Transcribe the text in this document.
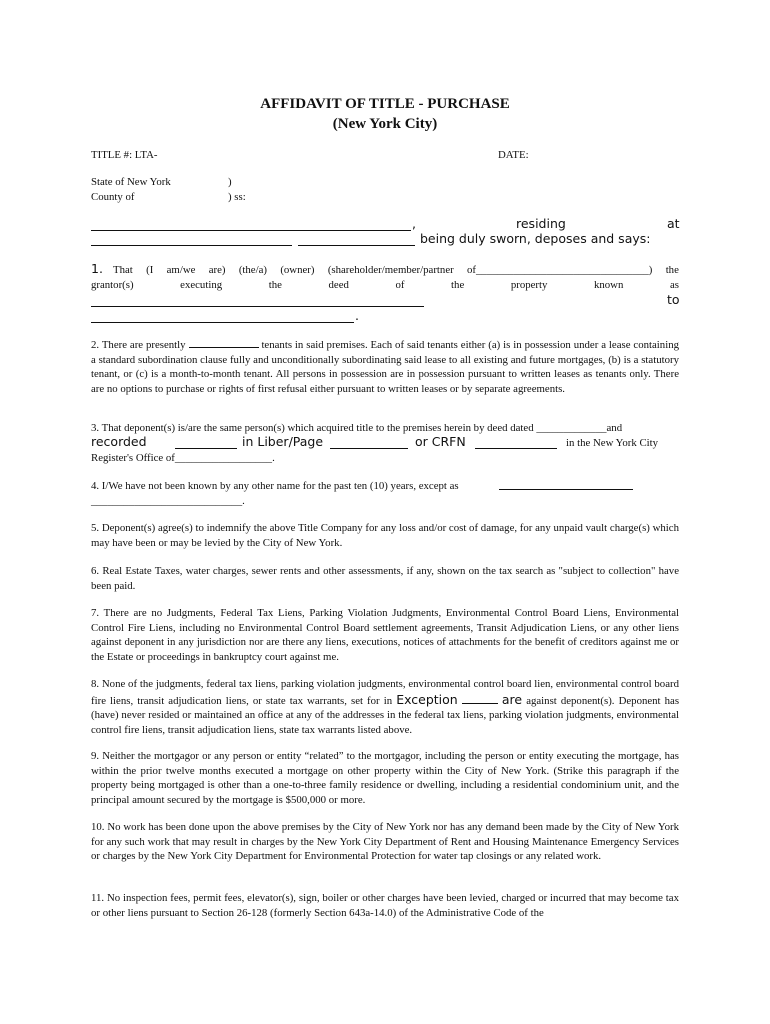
AFFIDAVIT OF TITLE - PURCHASE
(New York City)
TITLE #: LTA-	DATE:
State of New York	)
County of	) ss:
,	residing	at
being duly sworn, deposes and says:
1. That (I am/we are) (the/a) (owner) (shareholder/member/partner of________________________________) the
grantor(s)	executing	the	deed	of	the	property	known	as
to
.
2. There are presently	tenants in said premises. Each of said tenants either (a) is in possession under a lease containing a standard subordination clause fully and unconditionally subordinating said lease to all existing and future mortgages, (b) is a statutory tenant, or (c) is a month-to-month tenant. All persons in possession are in possession pursuant to written leases as tenants only. There are no options to purchase or rights of first refusal either pursuant to written leases or by separate agreements.
3. That deponent(s) is/are the same person(s) which acquired title to the premises herein by deed dated _____________and
recorded	in Liber/Page	or CRFN	in the New York City
Register's Office of__________________.
4. I/We have not been known by any other name for the past ten (10) years, except as
____________________________.
5. Deponent(s) agree(s) to indemnify the above Title Company for any loss and/or cost of damage, for any unpaid vault charge(s) which may have been or may be levied by the City of New York.
6. Real Estate Taxes, water charges, sewer rents and other assessments, if any, shown on the tax search as "subject to collection" have been paid.
7. There are no Judgments, Federal Tax Liens, Parking Violation Judgments, Environmental Control Board Liens, Environmental Control Fire Liens, including no Environmental Control Board settlement agreements, Transit Adjudication Liens, or any other liens against deponent in any jurisdiction nor are there any liens, executions, notices of attachments for the benefit of creditors against me or the Estate or proceedings in bankruptcy court against me.
8. None of the judgments, federal tax liens, parking violation judgments, environmental control board lien, environmental control board fire liens, transit adjudication liens, or state tax warrants, set for in Exception	are against deponent(s). Deponent has (have) never resided or maintained an office at any of the addresses in the federal tax liens, parking violation judgments, environmental control fire liens, transit adjudication liens, state tax warrants listed above.
9. Neither the mortgagor or any person or entity “related” to the mortgagor, including the person or entity executing the mortgage, has within the prior twelve months executed a mortgage on other property within the City of New York. (Strike this paragraph if the property being mortgaged is other than a one-to-three family residence or dwelling, including a residential condominium unit, and the principal amount secured by the mortgage is $500,000 or more.
10. No work has been done upon the above premises by the City of New York nor has any demand been made by the City of New York for any such work that may result in charges by the New York City Department of Rent and Housing Maintenance Emergency Services or charges by the New York City Department for Environmental Protection for water tap closings or any related work.
11. No inspection fees, permit fees, elevator(s), sign, boiler or other charges have been levied, charged or incurred that may become tax or other liens pursuant to Section 26-128 (formerly Section 643a-14.0) of the Administrative Code of the
